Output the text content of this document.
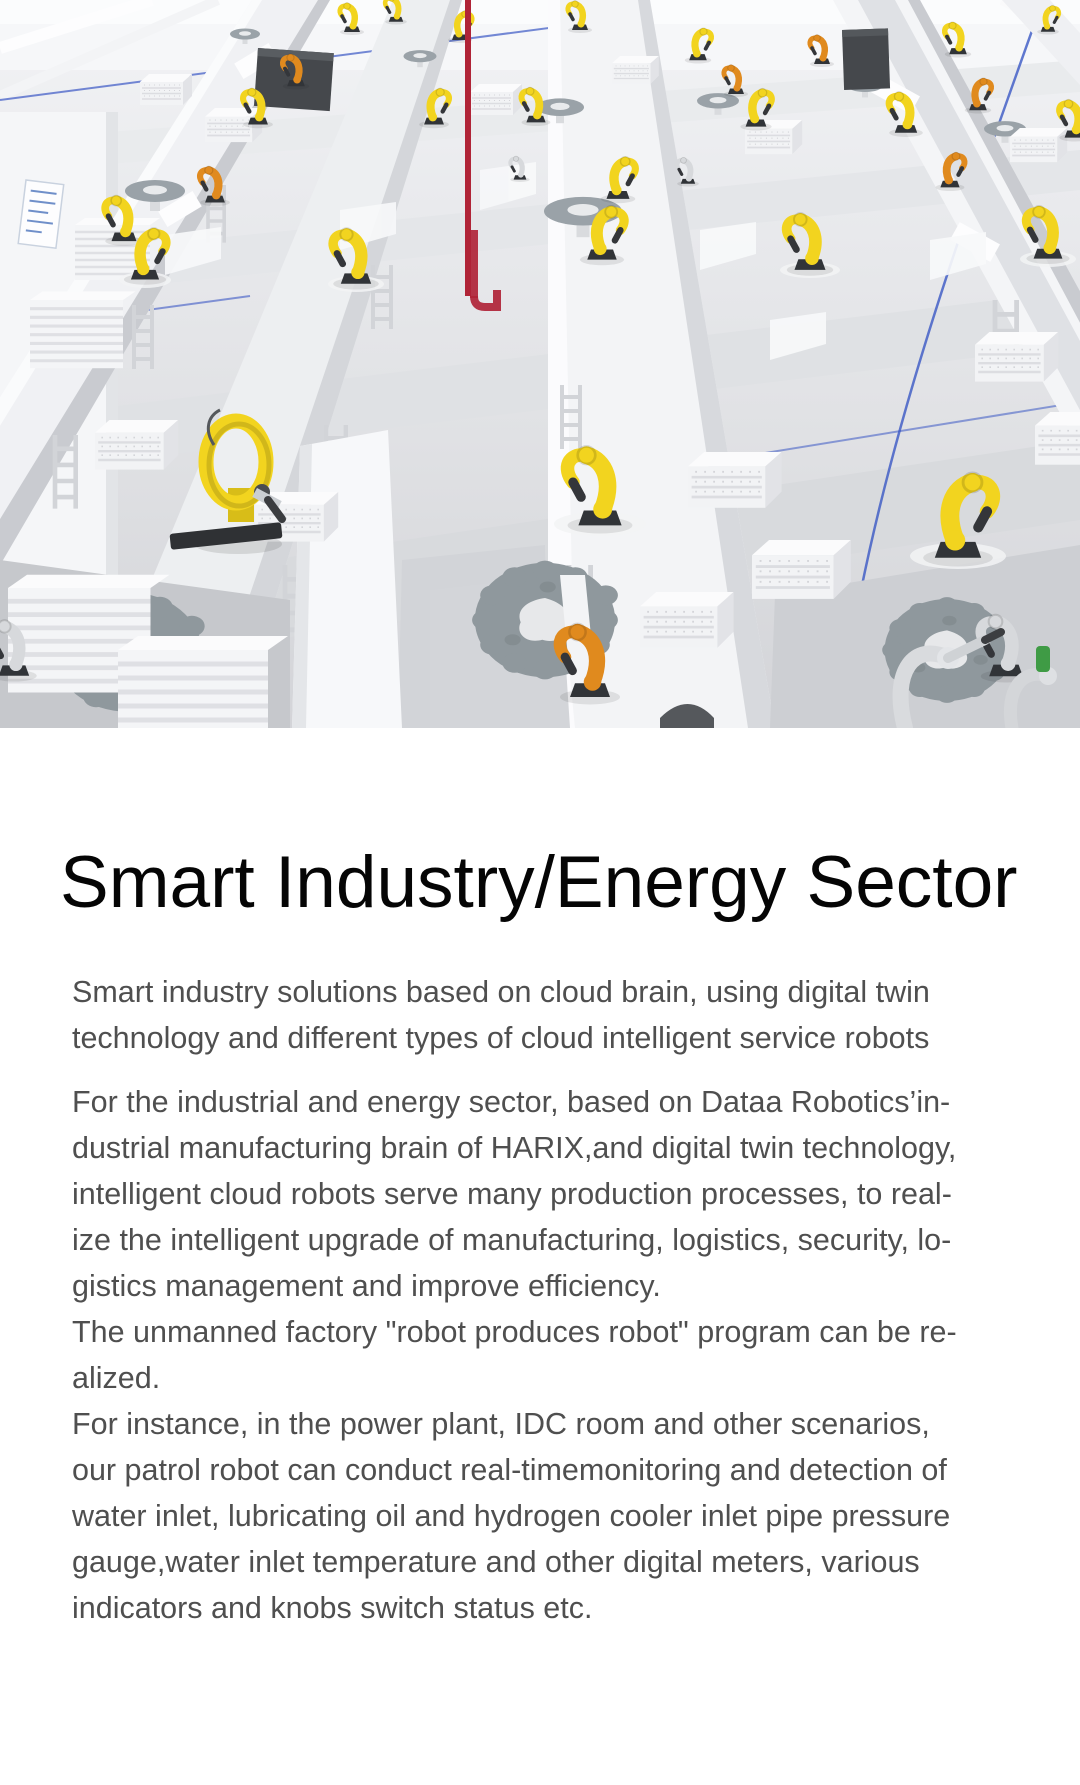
Smart Industry/Energy Sector

Smart industry solutions based on cloud brain, using digital twin
technology and different types of cloud intelligent service robots

For the industrial and energy sector, based on Dataa Robotics’in-
dustrial manufacturing brain of HARIX,and digital twin technology,
intelligent cloud robots serve many production processes, to real-
ize the intelligent upgrade of manufacturing, logistics, security, lo-
gistics management and improve efficiency.
The unmanned factory "robot produces robot" program can be re-
alized.
For instance, in the power plant, IDC room and other scenarios,
our patrol robot can conduct real-timemonitoring and detection of
water inlet, lubricating oil and hydrogen cooler inlet pipe pressure
gauge,water inlet temperature and other digital meters, various
indicators and knobs switch status etc.
